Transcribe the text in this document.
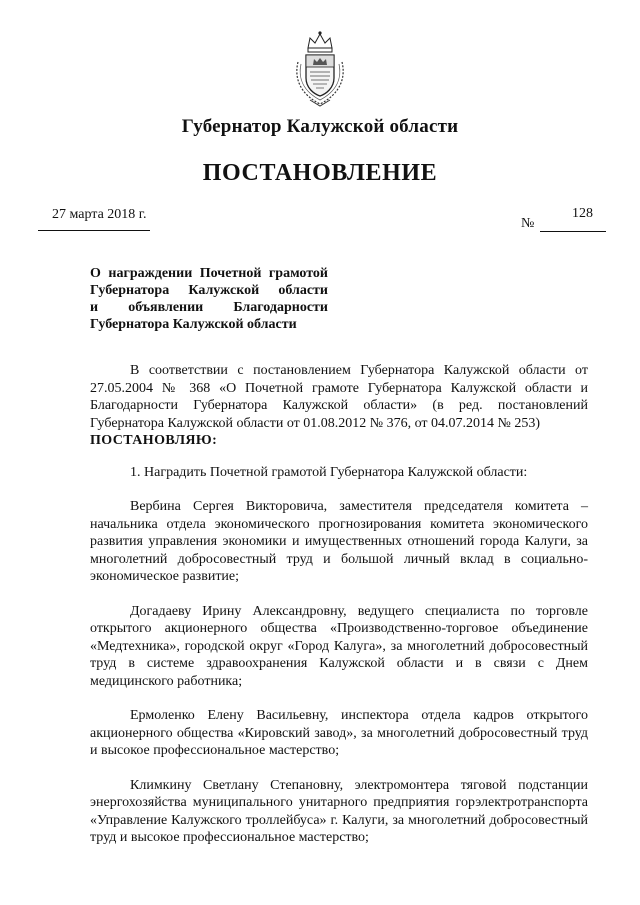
Губернатор Калужской области
ПОСТАНОВЛЕНИЕ
27 марта 2018 г.
№
128
О награждении Почетной грамотой
Губернатора Калужской области
и объявлении Благодарности
Губернатора Калужской области

В соответствии с постановлением Губернатора Калужской области от 27.05.2004 № 368 «О Почетной грамоте Губернатора Калужской области и Благодарности Губернатора Калужской области» (в ред. постановлений Губернатора Калужской области от 01.08.2012 № 376, от 04.07.2014 № 253)
ПОСТАНОВЛЯЮ:

1. Наградить Почетной грамотой Губернатора Калужской области:

Вербина Сергея Викторовича, заместителя председателя комитета – начальника отдела экономического прогнозирования комитета экономического развития управления экономики и имущественных отношений города Калуги, за многолетний добросовестный труд и большой личный вклад в социально-экономическое развитие;

Догадаеву Ирину Александровну, ведущего специалиста по торговле открытого акционерного общества «Производственно-торговое объединение «Медтехника», городской округ «Город Калуга», за многолетний добросовестный труд в системе здравоохранения Калужской области и в связи с Днем медицинского работника;

Ермоленко Елену Васильевну, инспектора отдела кадров открытого акционерного общества «Кировский завод», за многолетний добросовестный труд и высокое профессиональное мастерство;

Климкину Светлану Степановну, электромонтера тяговой подстанции энергохозяйства муниципального унитарного предприятия горэлектротранспорта «Управление Калужского троллейбуса» г. Калуги, за многолетний добросовестный труд и высокое профессиональное мастерство;
